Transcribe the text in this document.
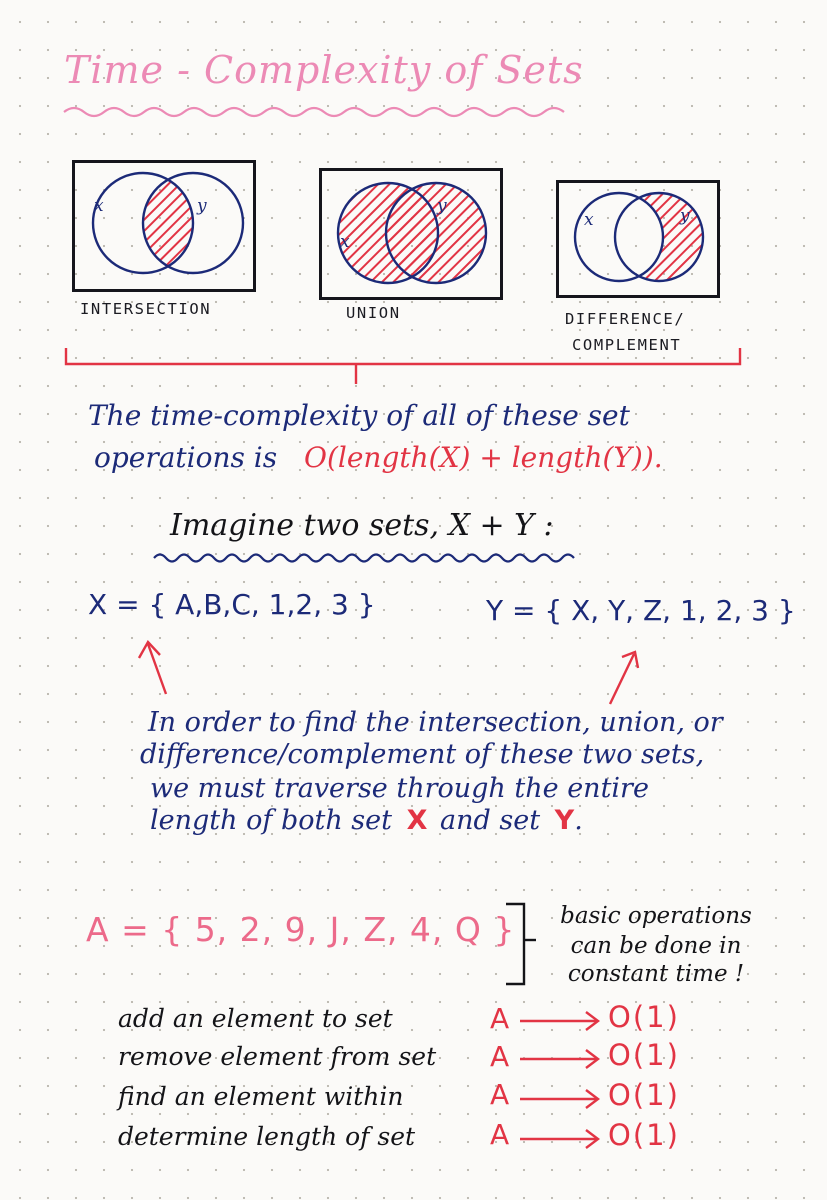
Time - Complexity of Sets
x	y
INTERSECTION
x
y
UNION
x	y
DIFFERENCE/
COMPLEMENT
The time-complexity of all of these set
operations is O(length(X) + length(Y)).
Imagine two sets, X + Y :
X = { A,B,C, 1,2, 3 }	Y = { X, Y, Z, 1, 2, 3 }
In order to find the intersection, union, or
difference/complement of these two sets,
we must traverse through the entire
length of both set X and set Y.
A = { 5, 2, 9, J, Z, 4, Q }	basic operations
can be done in
constant time !
add an element to set	A	O(1)
remove element from set A	O(1)
find an element within	A	O(1)
determine length of set	A	O(1)
